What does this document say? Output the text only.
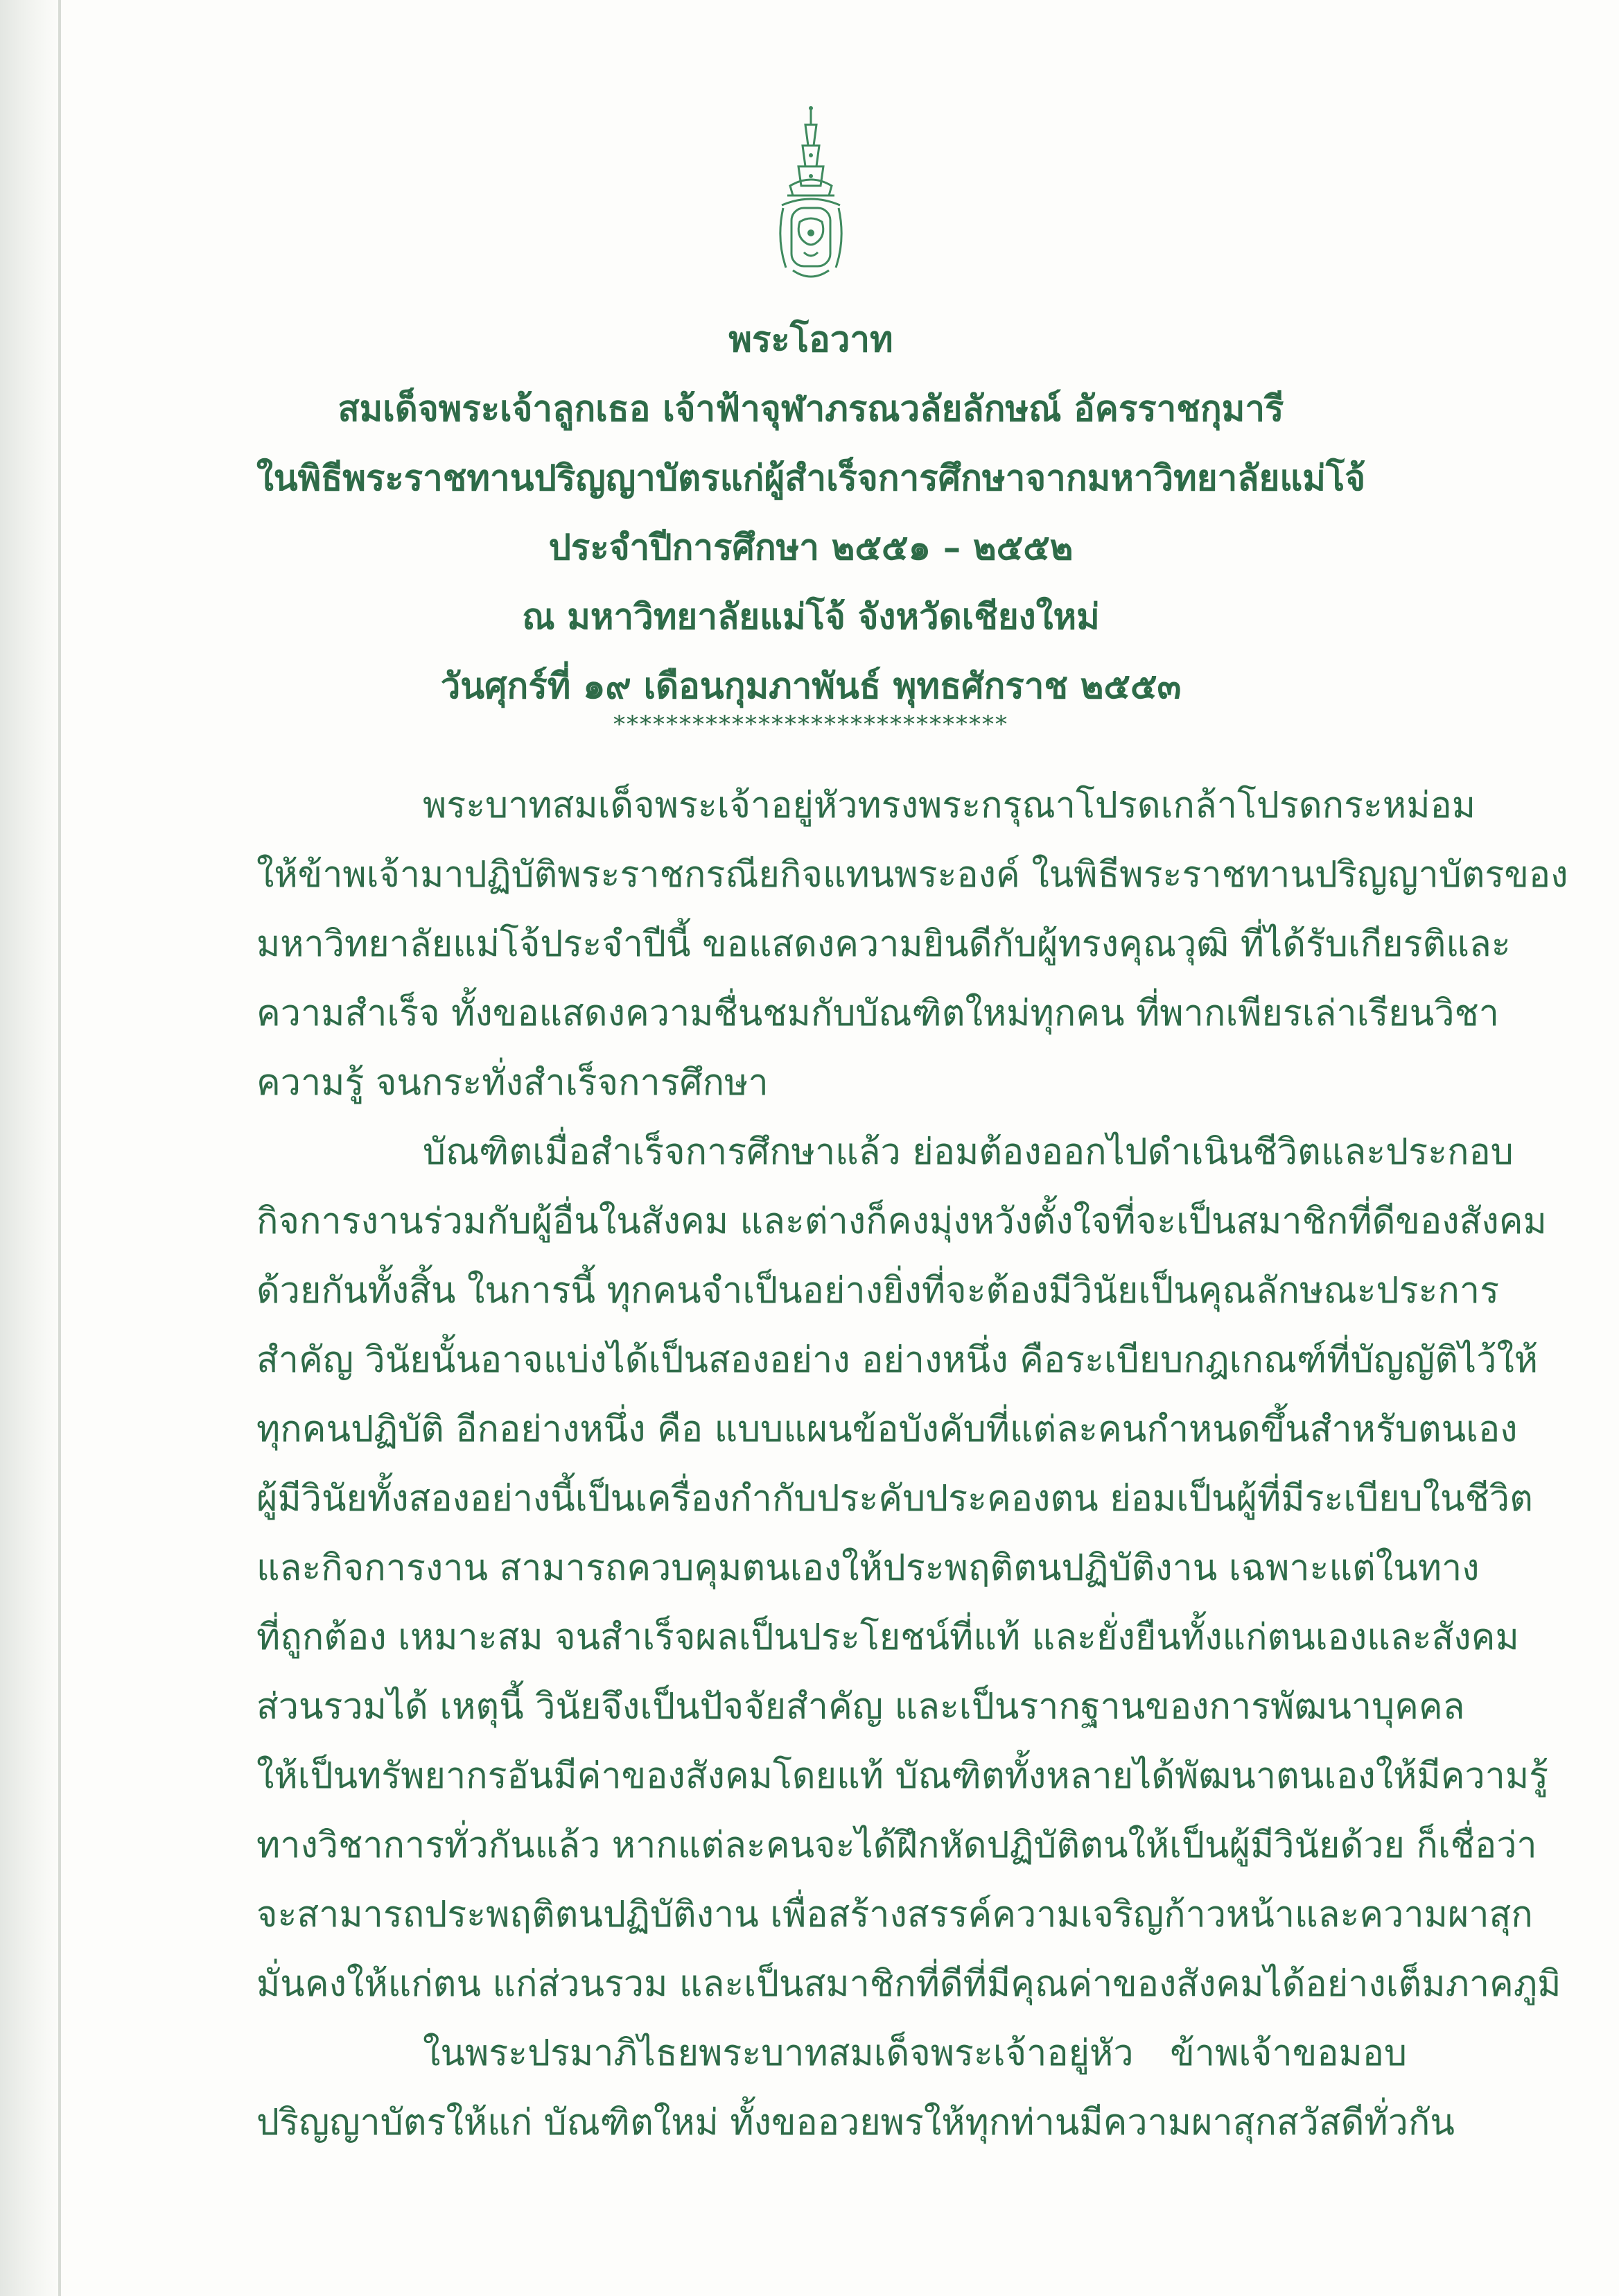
พระโอวาท
สมเด็จพระเจ้าลูกเธอ เจ้าฟ้าจุฬาภรณวลัยลักษณ์ อัครราชกุมารี
ในพิธีพระราชทานปริญญาบัตรแก่ผู้สำเร็จการศึกษาจากมหาวิทยาลัยแม่โจ้
ประจำปีการศึกษา ๒๕๕๑ – ๒๕๕๒
ณ มหาวิทยาลัยแม่โจ้ จังหวัดเชียงใหม่
วันศุกร์ที่ ๑๙ เดือนกุมภาพันธ์ พุทธศักราช ๒๕๕๓
******************************
พระบาทสมเด็จพระเจ้าอยู่หัวทรงพระกรุณาโปรดเกล้าโปรดกระหม่อม
ให้ข้าพเจ้ามาปฏิบัติพระราชกรณียกิจแทนพระองค์ ในพิธีพระราชทานปริญญาบัตรของ
มหาวิทยาลัยแม่โจ้ประจำปีนี้ ขอแสดงความยินดีกับผู้ทรงคุณวุฒิ ที่ได้รับเกียรติและ
ความสำเร็จ ทั้งขอแสดงความชื่นชมกับบัณฑิตใหม่ทุกคน ที่พากเพียรเล่าเรียนวิชา
ความรู้ จนกระทั่งสำเร็จการศึกษา
บัณฑิตเมื่อสำเร็จการศึกษาแล้ว ย่อมต้องออกไปดำเนินชีวิตและประกอบ
กิจการงานร่วมกับผู้อื่นในสังคม และต่างก็คงมุ่งหวังตั้งใจที่จะเป็นสมาชิกที่ดีของสังคม
ด้วยกันทั้งสิ้น ในการนี้ ทุกคนจำเป็นอย่างยิ่งที่จะต้องมีวินัยเป็นคุณลักษณะประการ
สำคัญ วินัยนั้นอาจแบ่งได้เป็นสองอย่าง อย่างหนึ่ง คือระเบียบกฎเกณฑ์ที่บัญญัติไว้ให้
ทุกคนปฏิบัติ อีกอย่างหนึ่ง คือ แบบแผนข้อบังคับที่แต่ละคนกำหนดขึ้นสำหรับตนเอง
ผู้มีวินัยทั้งสองอย่างนี้เป็นเครื่องกำกับประคับประคองตน ย่อมเป็นผู้ที่มีระเบียบในชีวิต
และกิจการงาน สามารถควบคุมตนเองให้ประพฤติตนปฏิบัติงาน เฉพาะแต่ในทาง
ที่ถูกต้อง เหมาะสม จนสำเร็จผลเป็นประโยชน์ที่แท้ และยั่งยืนทั้งแก่ตนเองและสังคม
ส่วนรวมได้ เหตุนี้ วินัยจึงเป็นปัจจัยสำคัญ และเป็นรากฐานของการพัฒนาบุคคล
ให้เป็นทรัพยากรอันมีค่าของสังคมโดยแท้ บัณฑิตทั้งหลายได้พัฒนาตนเองให้มีความรู้
ทางวิชาการทั่วกันแล้ว หากแต่ละคนจะได้ฝึกหัดปฏิบัติตนให้เป็นผู้มีวินัยด้วย ก็เชื่อว่า
จะสามารถประพฤติตนปฏิบัติงาน เพื่อสร้างสรรค์ความเจริญก้าวหน้าและความผาสุก
มั่นคงให้แก่ตน แก่ส่วนรวม และเป็นสมาชิกที่ดีที่มีคุณค่าของสังคมได้อย่างเต็มภาคภูมิ
ในพระปรมาภิไธยพระบาทสมเด็จพระเจ้าอยู่หัว ข้าพเจ้าขอมอบ
ปริญญาบัตรให้แก่ บัณฑิตใหม่ ทั้งขออวยพรให้ทุกท่านมีความผาสุกสวัสดีทั่วกัน
